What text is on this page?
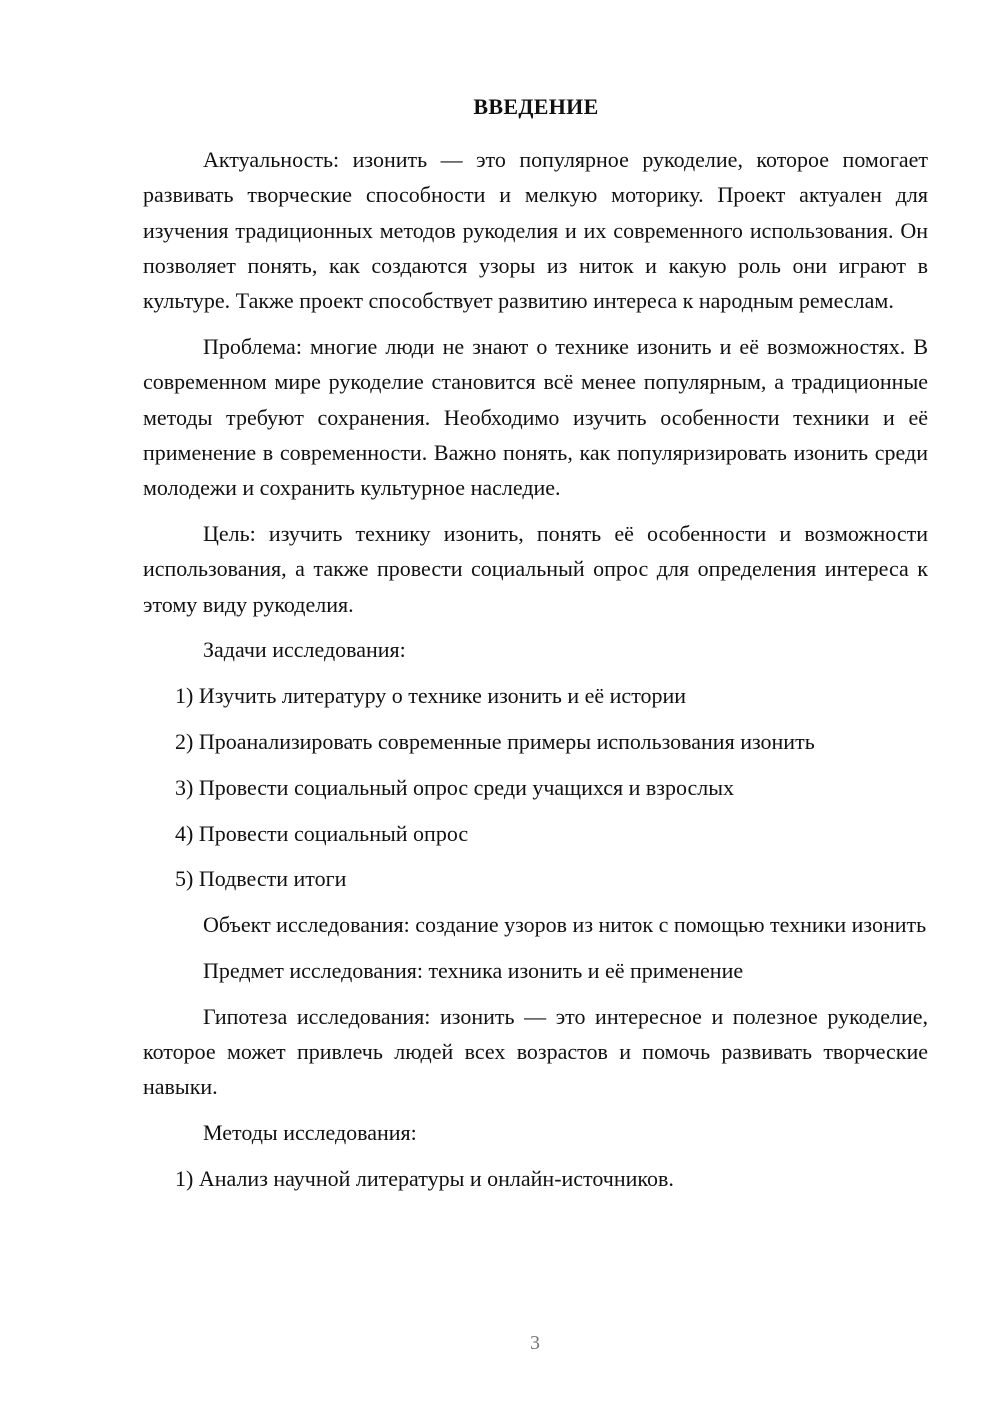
ВВЕДЕНИЕ

Актуальность: изонить — это популярное рукоделие, которое помогает развивать творческие способности и мелкую моторику. Проект актуален для изучения традиционных методов рукоделия и их современного использования. Он позволяет понять, как создаются узоры из ниток и какую роль они играют в культуре. Также проект способствует развитию интереса к народным ремеслам.

Проблема: многие люди не знают о технике изонить и её возможностях. В современном мире рукоделие становится всё менее популярным, а традиционные методы требуют сохранения. Необходимо изучить особенности техники и её применение в современности. Важно понять, как популяризировать изонить среди молодежи и сохранить культурное наследие.

Цель: изучить технику изонить, понять её особенности и возможности использования, а также провести социальный опрос для определения интереса к этому виду рукоделия.

Задачи исследования:

1) Изучить литературу о технике изонить и её истории

2) Проанализировать современные примеры использования изонить

3) Провести социальный опрос среди учащихся и взрослых

4) Провести социальный опрос

5) Подвести итоги

Объект исследования: создание узоров из ниток с помощью техники изонить

Предмет исследования: техника изонить и её применение

Гипотеза исследования: изонить — это интересное и полезное рукоделие, которое может привлечь людей всех возрастов и помочь развивать творческие навыки.

Методы исследования:

1) Анализ научной литературы и онлайн-источников.

3
